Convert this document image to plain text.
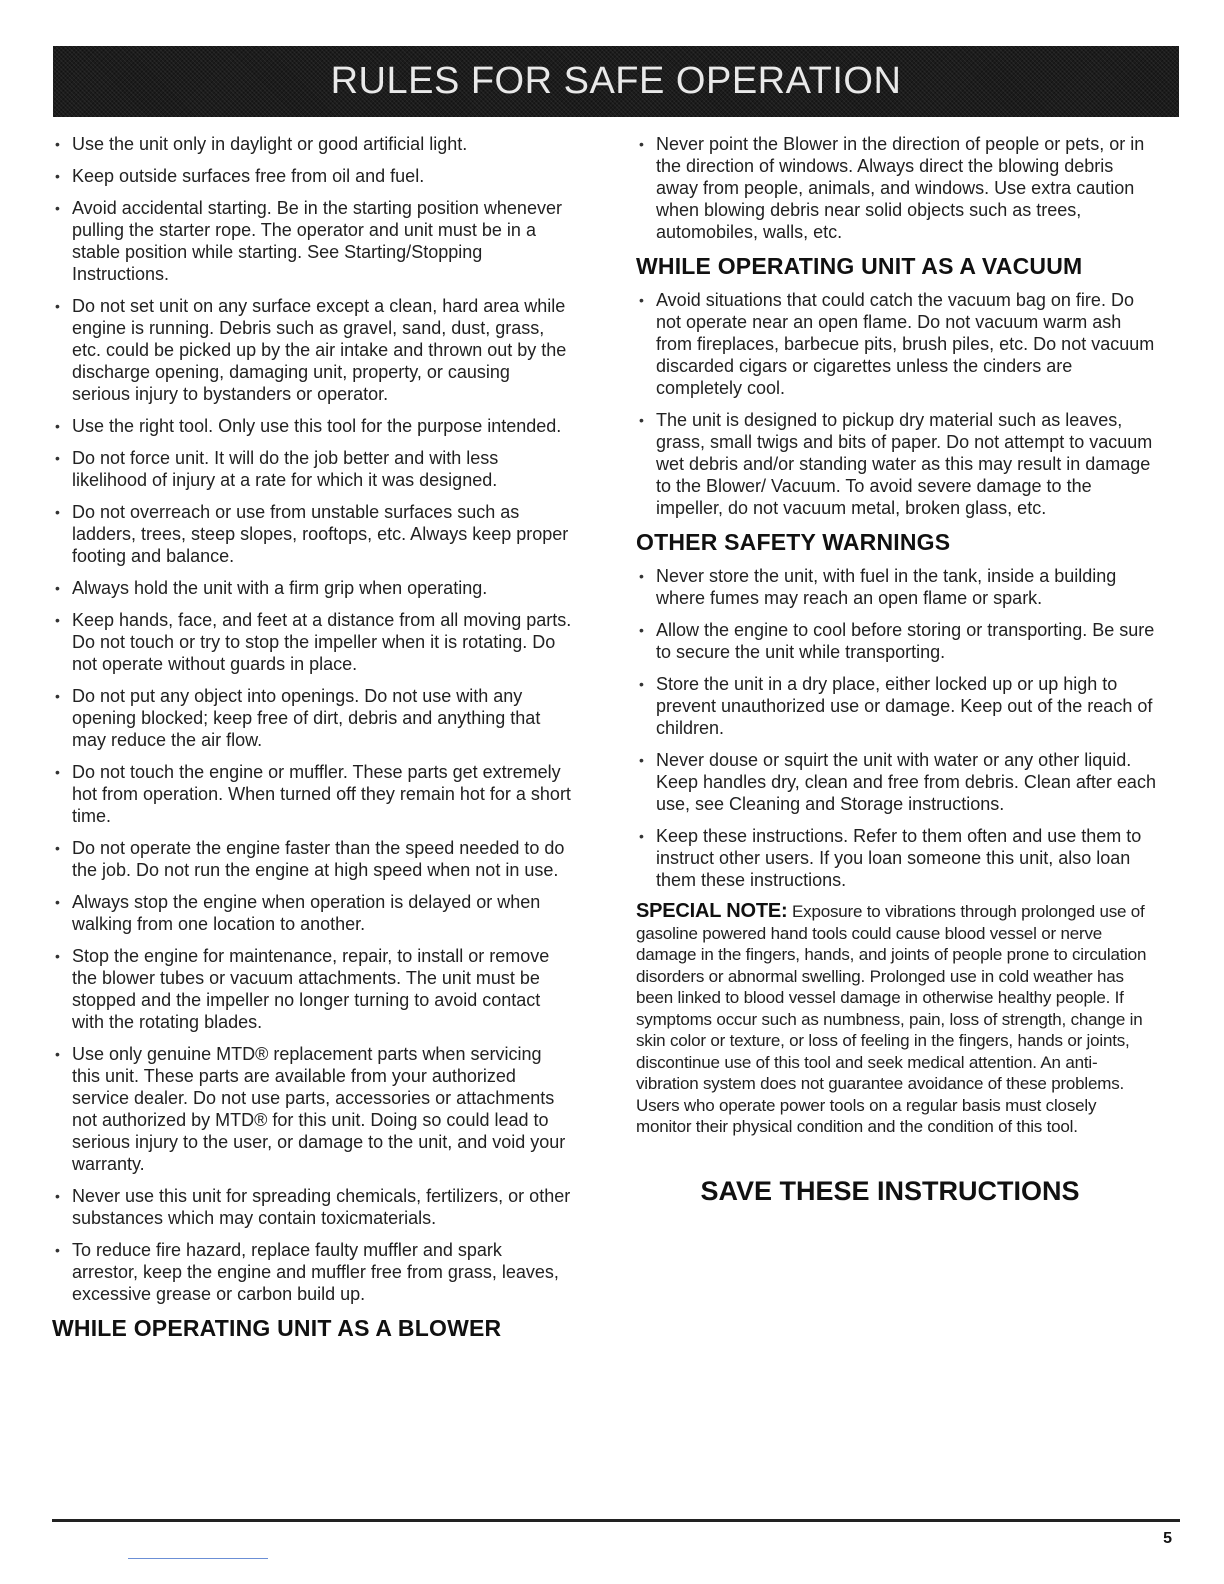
RULES FOR SAFE OPERATION
• Use the unit only in daylight or good artificial light.
• Keep outside surfaces free from oil and fuel.
• Avoid accidental starting. Be in the starting position whenever pulling the starter rope. The operator and unit must be in a stable position while starting. See Starting/Stopping Instructions.
• Do not set unit on any surface except a clean, hard area while engine is running. Debris such as gravel, sand, dust, grass, etc. could be picked up by the air intake and thrown out by the discharge opening, damaging unit, property, or causing serious injury to bystanders or operator.
• Use the right tool. Only use this tool for the purpose intended.
• Do not force unit. It will do the job better and with less likelihood of injury at a rate for which it was designed.
• Do not overreach or use from unstable surfaces such as ladders, trees, steep slopes, rooftops, etc. Always keep proper footing and balance.
• Always hold the unit with a firm grip when operating.
• Keep hands, face, and feet at a distance from all moving parts. Do not touch or try to stop the impeller when it is rotating. Do not operate without guards in place.
• Do not put any object into openings. Do not use with any opening blocked; keep free of dirt, debris and anything that may reduce the air flow.
• Do not touch the engine or muffler. These parts get extremely hot from operation. When turned off they remain hot for a short time.
• Do not operate the engine faster than the speed needed to do the job. Do not run the engine at high speed when not in use.
• Always stop the engine when operation is delayed or when walking from one location to another.
• Stop the engine for maintenance, repair, to install or remove the blower tubes or vacuum attachments. The unit must be stopped and the impeller no longer turning to avoid contact with the rotating blades.
• Use only genuine MTD® replacement parts when servicing this unit. These parts are available from your authorized service dealer. Do not use parts, accessories or attachments not authorized by MTD® for this unit. Doing so could lead to serious injury to the user, or damage to the unit, and void your warranty.
• Never use this unit for spreading chemicals, fertilizers, or other substances which may contain toxicmaterials.
• To reduce fire hazard, replace faulty muffler and spark arrestor, keep the engine and muffler free from grass, leaves, excessive grease or carbon build up.
WHILE OPERATING UNIT AS A BLOWER
• Never point the Blower in the direction of people or pets, or in the direction of windows. Always direct the blowing debris away from people, animals, and windows. Use extra caution when blowing debris near solid objects such as trees, automobiles, walls, etc.
WHILE OPERATING UNIT AS A VACUUM
• Avoid situations that could catch the vacuum bag on fire. Do not operate near an open flame. Do not vacuum warm ash from fireplaces, barbecue pits, brush piles, etc. Do not vacuum discarded cigars or cigarettes unless the cinders are completely cool.
• The unit is designed to pickup dry material such as leaves, grass, small twigs and bits of paper. Do not attempt to vacuum wet debris and/or standing water as this may result in damage to the Blower/ Vacuum. To avoid severe damage to the impeller, do not vacuum metal, broken glass, etc.
OTHER SAFETY WARNINGS
• Never store the unit, with fuel in the tank, inside a building where fumes may reach an open flame or spark.
• Allow the engine to cool before storing or transporting. Be sure to secure the unit while transporting.
• Store the unit in a dry place, either locked up or up high to prevent unauthorized use or damage. Keep out of the reach of children.
• Never douse or squirt the unit with water or any other liquid. Keep handles dry, clean and free from debris. Clean after each use, see Cleaning and Storage instructions.
• Keep these instructions. Refer to them often and use them to instruct other users. If you loan someone this unit, also loan them these instructions.

SPECIAL NOTE: Exposure to vibrations through prolonged use of gasoline powered hand tools could cause blood vessel or nerve damage in the fingers, hands, and joints of people prone to circulation disorders or abnormal swelling. Prolonged use in cold weather has been linked to blood vessel damage in otherwise healthy people. If symptoms occur such as numbness, pain, loss of strength, change in skin color or texture, or loss of feeling in the fingers, hands or joints, discontinue use of this tool and seek medical attention. An anti-vibration system does not guarantee avoidance of these problems. Users who operate power tools on a regular basis must closely monitor their physical condition and the condition of this tool.

SAVE THESE INSTRUCTIONS
5
